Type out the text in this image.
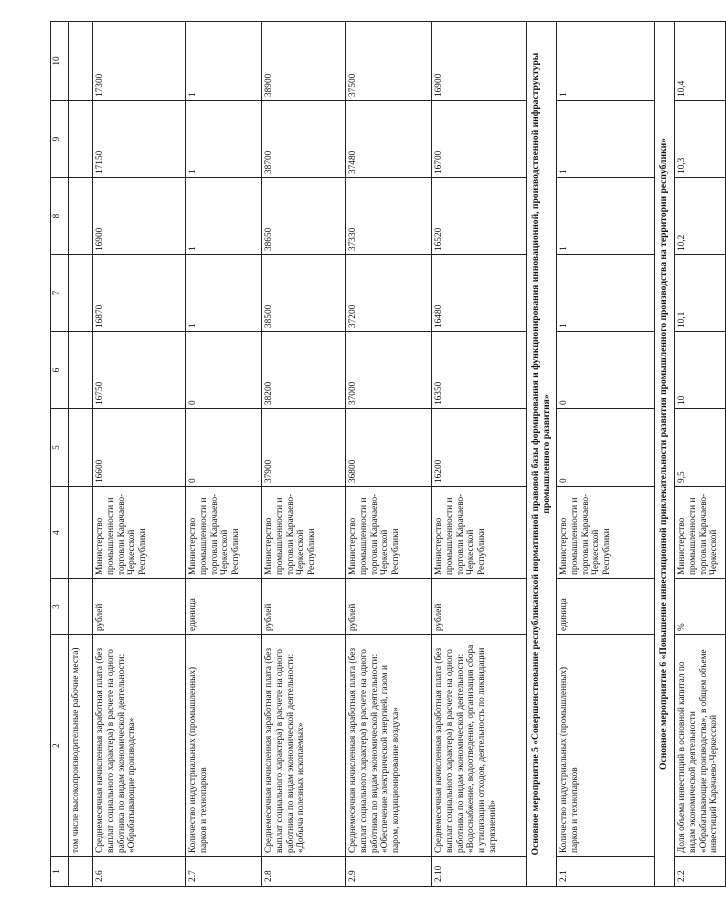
1	2	3	4	5	6	7	8	9	10
	том числе высокопроизводительные рабочие места)								
2.6	Среднемесячная начисленная заработная плата (без выплат социального характера) в расчете на одного работника по видам экономической деятельности: «Обрабатывающие производства»	рублей	Министерство промышленности и торговли Карачаево-Черкесской Республики	16600	16750	16870	16900	17150	17300
2.7	Количество индустриальных (промышленных) парков и технопарков	единица	Министерство промышленности и торговли Карачаево-Черкесской Республики	0	0	1	1	1	1
2.8	Среднемесячная начисленная заработная плата (без выплат социального характера) в расчете на одного работника по видам экономической деятельности: «Добыча полезных ископаемых»	рублей	Министерство промышленности и торговли Карачаево-Черкесской Республики	37900	38200	38500	38650	38700	38900
2.9	Среднемесячная начисленная заработная плата (без выплат социального характера) в расчете на одного работника по видам экономической деятельности: «Обеспечение электрической энергией, газом и паром, кондиционирование воздуха»	рублей	Министерство промышленности и торговли Карачаево-Черкесской Республики	36800	37000	37200	37330	37480	37500
2.10	Среднемесячная начисленная заработная плата (без выплат социального характера) в расчете на одного работника по видам экономической деятельности: «Водоснабжение, водоотведение, организация сбора и утилизации отходов, деятельность по ликвидации загрязнений»	рублей	Министерство промышленности и торговли Карачаево-Черкесской Республики	16200	16350	16480	16520	16700	16900
Основное мероприятие 5 «Совершенствование республиканской нормативной правовой базы формирования и функционирования инновационной, производственной инфраструктуры промышленного развития»									
2.1	Количество индустриальных (промышленных) парков и технопарков	единица	Министерство промышленности и торговли Карачаево-Черкесской Республики	0	0	1	1	1	1
Основное мероприятие 6 «Повышение инвестиционной привлекательности развития промышленного производства на территории республики»									
2.2	Доля объема инвестиций в основной капитал по видам экономической деятельности «Обрабатывающие производства», в общем объеме инвестиций Карачаево-Черкесской	%	Министерство промышленности и торговли Карачаево-Черкесской	9,5	10	10,1	10,2	10,3	10,4
